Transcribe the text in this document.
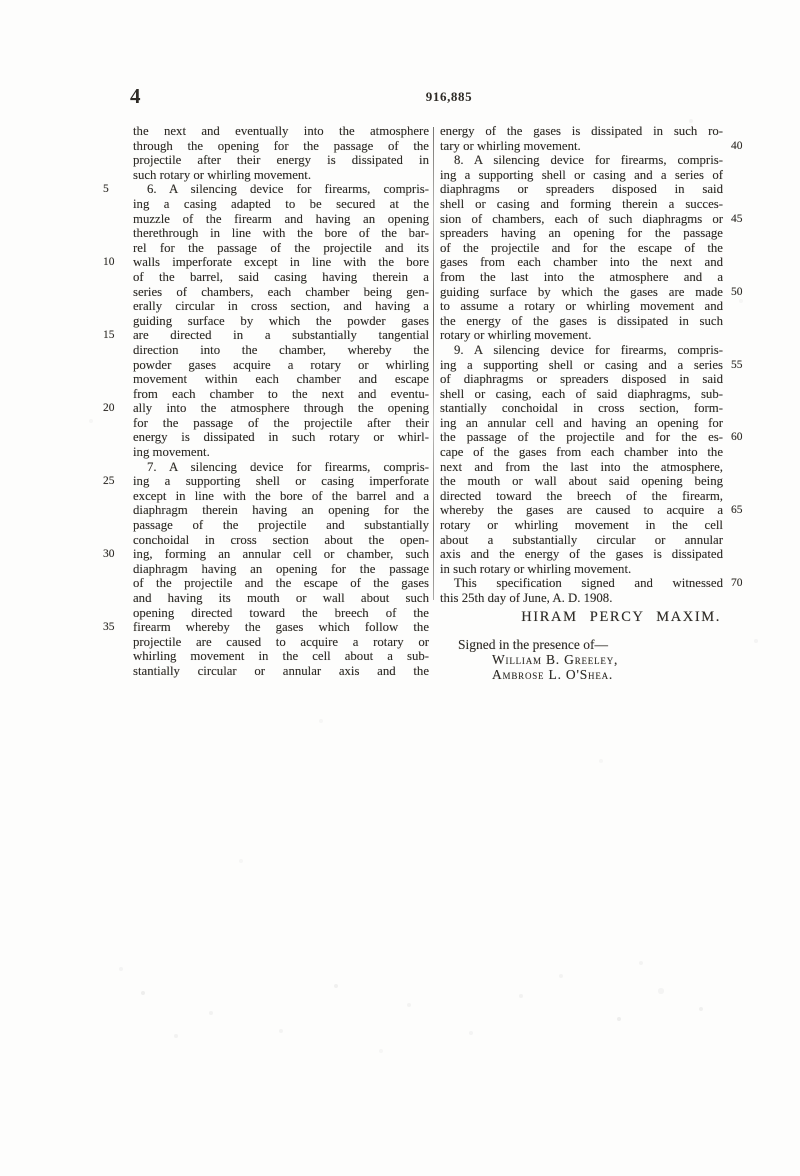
4	916,885
the next and eventually into the atmosphere
through the opening for the passage of the
projectile after their energy is dissipated in
such rotary or whirling movement.
5	6. A silencing device for firearms, compris-
ing a casing adapted to be secured at the
muzzle of the firearm and having an opening
therethrough in line with the bore of the bar-
rel for the passage of the projectile and its
10	walls imperforate except in line with the bore
of the barrel, said casing having therein a
series of chambers, each chamber being gen-
erally circular in cross section, and having a
guiding surface by which the powder gases
15	are directed in a substantially tangential
direction into the chamber, whereby the
powder gases acquire a rotary or whirling
movement within each chamber and escape
from each chamber to the next and eventu-
20	ally into the atmosphere through the opening
for the passage of the projectile after their
energy is dissipated in such rotary or whirl-
ing movement.
7. A silencing device for firearms, compris-
25	ing a supporting shell or casing imperforate
except in line with the bore of the barrel and a
diaphragm therein having an opening for the
passage of the projectile and substantially
conchoidal in cross section about the open-
30	ing, forming an annular cell or chamber, such
diaphragm having an opening for the passage
of the projectile and the escape of the gases
and having its mouth or wall about such
opening directed toward the breech of the
35	firearm whereby the gases which follow the
projectile are caused to acquire a rotary or
whirling movement in the cell about a sub-
stantially circular or annular axis and the
energy of the gases is dissipated in such ro-
40
tary or whirling movement.
8. A silencing device for firearms, compris-
ing a supporting shell or casing and a series of
diaphragms or spreaders disposed in said
shell or casing and forming therein a succes-
45
sion of chambers, each of such diaphragms or
spreaders having an opening for the passage
of the projectile and for the escape of the
gases from each chamber into the next and
from the last into the atmosphere and a
50
guiding surface by which the gases are made
to assume a rotary or whirling movement and
the energy of the gases is dissipated in such
rotary or whirling movement.
9. A silencing device for firearms, compris-
55
ing a supporting shell or casing and a series
of diaphragms or spreaders disposed in said
shell or casing, each of said diaphragms, sub-
stantially conchoidal in cross section, form-
ing an annular cell and having an opening for
60
the passage of the projectile and for the es-
cape of the gases from each chamber into the
next and from the last into the atmosphere,
the mouth or wall about said opening being
directed toward the breech of the firearm,
65
whereby the gases are caused to acquire a
rotary or whirling movement in the cell
about a substantially circular or annular
axis and the energy of the gases is dissipated
in such rotary or whirling movement.
70
This specification signed and witnessed
this 25th day of June, A. D. 1908.
HIRAM PERCY MAXIM.
Signed in the presence of—
William B. Greeley,
Ambrose L. O'Shea.
